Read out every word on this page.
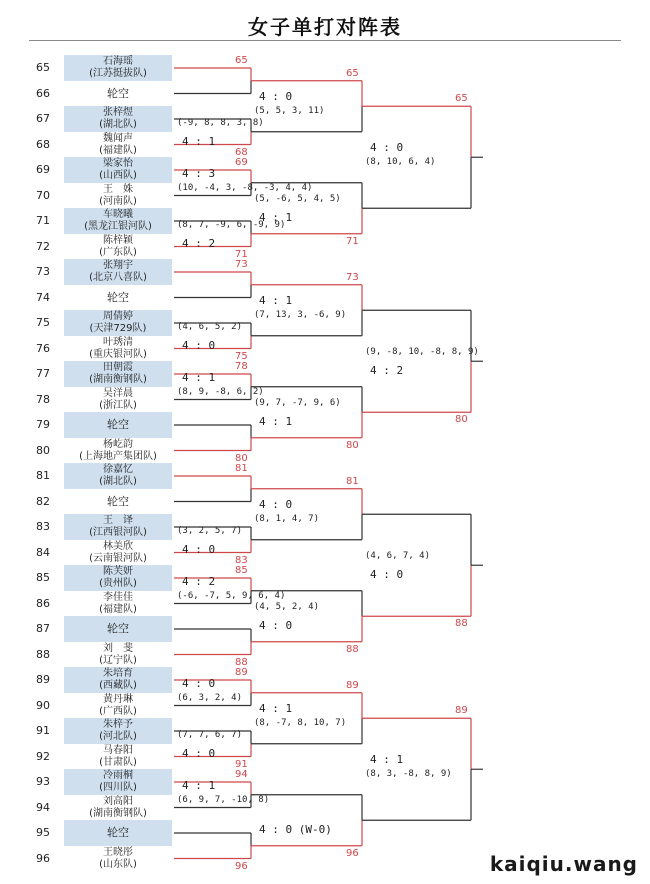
女子单打对阵表
65	石海瑶
(江苏挺拔队)
66	轮空
67	张梓煜
(湖北队)
68	魏闻声
(福建队)
69	梁家怡
(山西队)
70	王　姝
(河南队)
71	车晓曦
(黑龙江银河队)
72	陈梓颖
(广东队)
73	张翔宇
(北京八喜队)
74	轮空
75	周倩婷
(天津729队)
76	叶琇清
(重庆银河队)
77	田朝霞
(湖南衡钢队)
78	吴洋晨
(浙江队)
79	轮空
80	杨屹韵
(上海地产集团队)
81	徐嘉忆
(湖北队)
82	轮空
83	王　译
(江西银河队)
84	林美欣
(云南银河队)
85	陈芙妍
(贵州队)
86	李佳佳
(福建队)
87	轮空
88	刘　斐
(辽宁队)
89	朱培育
(西藏队)
90	黄丹琳
(广西队)
91	朱梓予
(河北队)
92	马春阳
(甘肃队)
93	冷雨桐
(四川队)
94	刘高阳
(湖南衡钢队)
95	轮空
96	王晓彤
(山东队)
65
68
4 : 1
(-9, 8, 8, 3, 8)
69
4 : 3
(10, -4, 3, -8, -3, 4, 4)
71
4 : 2
(8, 7, -9, 6, -9, 9)
73
75
4 : 0
(4, 6, 5, 2)
78
4 : 1
(8, 9, -8, 6, 2)
80
81
83
4 : 0
(3, 2, 5, 7)
85
4 : 2
(-6, -7, 5, 9, 6, 4)
88
89
4 : 0
(6, 3, 2, 4)
91
4 : 0
(7, 7, 6, 7)
94
4 : 1
(6, 9, 7, -10, 8)
96
65
4 : 0
(5, 5, 3, 11)
71
4 : 1
(5, -6, 5, 4, 5)
73
4 : 1
(7, 13, 3, -6, 9)
80
4 : 1
(9, 7, -7, 9, 6)
81
4 : 0
(8, 1, 4, 7)
88
4 : 0
(4, 5, 2, 4)
89
4 : 1
(8, -7, 8, 10, 7)
96
4 : 0 (W-0)
65
4 : 0
(8, 10, 6, 4)
80
4 : 2
(9, -8, 10, -8, 8, 9)
88
4 : 0
(4, 6, 7, 4)
89
4 : 1
(8, 3, -8, 8, 9)
kaiqiu.wang
